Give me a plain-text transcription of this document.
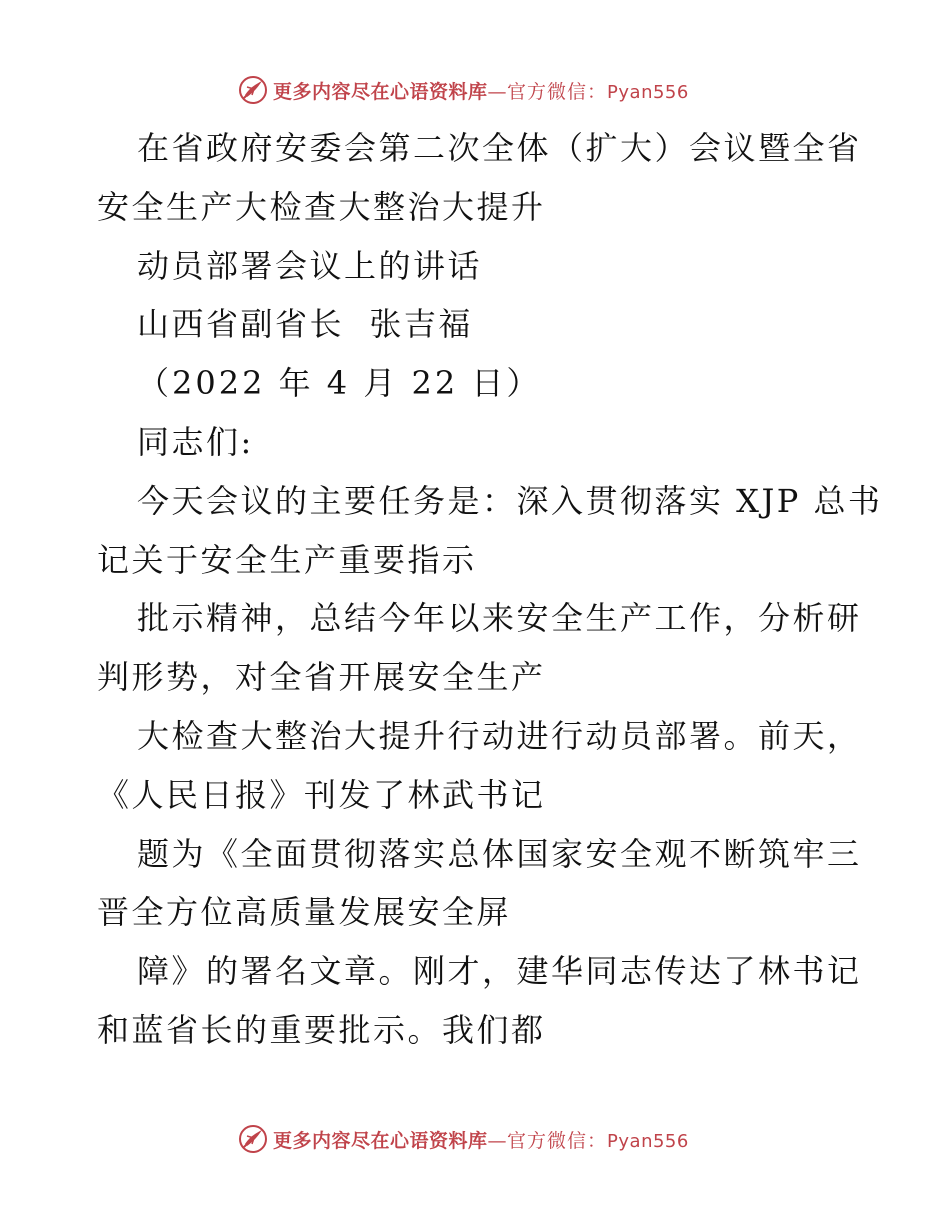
更多内容尽在心语资料库—官方微信：Pyan556
在省政府安委会第二次全体（扩大）会议暨全省
安全生产大检查大整治大提升
动员部署会议上的讲话
山西省副省长  张吉福
（2022 年 4 月 22 日）
同志们:
今天会议的主要任务是：深入贯彻落实 XJP 总书
记关于安全生产重要指示
批示精神，总结今年以来安全生产工作，分析研
判形势，对全省开展安全生产
大检查大整治大提升行动进行动员部署。前天，
《人民日报》刊发了林武书记
题为《全面贯彻落实总体国家安全观不断筑牢三
晋全方位高质量发展安全屏
障》的署名文章。刚才，建华同志传达了林书记
和蓝省长的重要批示。我们都
更多内容尽在心语资料库—官方微信：Pyan556
